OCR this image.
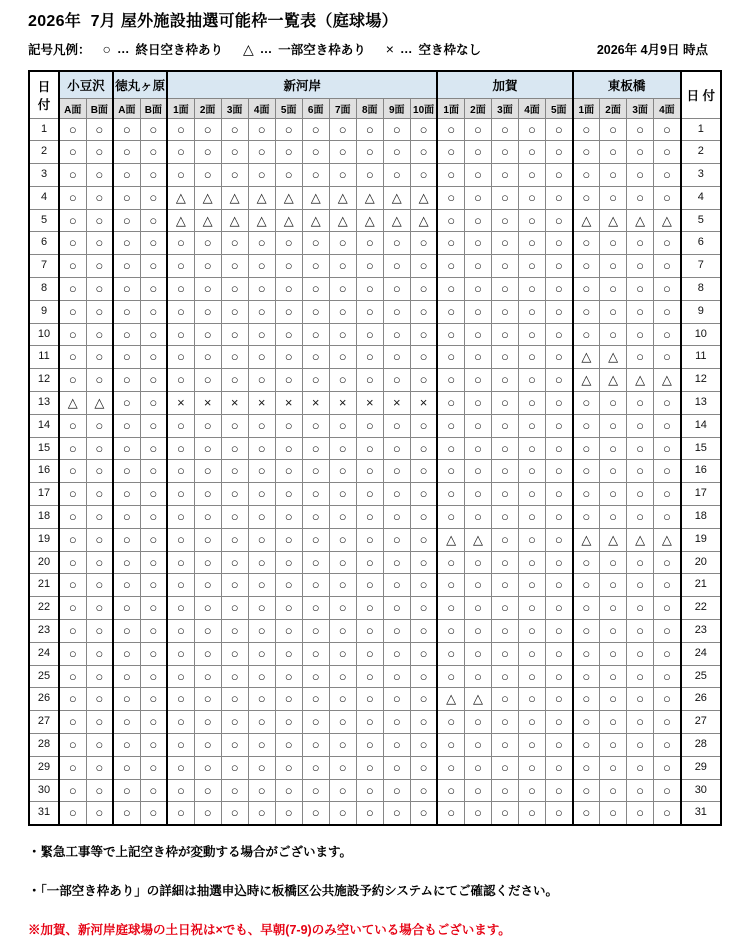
2026年  7月 屋外施設抽選可能枠一覧表（庭球場）
記号凡例： ○ … 終日空き枠あり △ … 一部空き枠あり × … 空き枠なし	2026年 4月9日 時点
日 付	小豆沢		徳丸ヶ原		新河岸										加賀					東板橋				日 付
	A面	B面	A面	B面	1面	2面	3面	4面	5面	6面	7面	8面	9面	10面	1面	2面	3面	4面	5面	1面	2面	3面	4面	
1	○	○	○	○	○	○	○	○	○	○	○	○	○	○	○	○	○	○	○	○	○	○	○	1
2	○	○	○	○	○	○	○	○	○	○	○	○	○	○	○	○	○	○	○	○	○	○	○	2
3	○	○	○	○	○	○	○	○	○	○	○	○	○	○	○	○	○	○	○	○	○	○	○	3
4	○	○	○	○	△	△	△	△	△	△	△	△	△	△	○	○	○	○	○	○	○	○	○	4
5	○	○	○	○	△	△	△	△	△	△	△	△	△	△	○	○	○	○	○	△	△	△	△	5
6	○	○	○	○	○	○	○	○	○	○	○	○	○	○	○	○	○	○	○	○	○	○	○	6
7	○	○	○	○	○	○	○	○	○	○	○	○	○	○	○	○	○	○	○	○	○	○	○	7
8	○	○	○	○	○	○	○	○	○	○	○	○	○	○	○	○	○	○	○	○	○	○	○	8
9	○	○	○	○	○	○	○	○	○	○	○	○	○	○	○	○	○	○	○	○	○	○	○	9
10	○	○	○	○	○	○	○	○	○	○	○	○	○	○	○	○	○	○	○	○	○	○	○	10
11	○	○	○	○	○	○	○	○	○	○	○	○	○	○	○	○	○	○	○	△	△	○	○	11
12	○	○	○	○	○	○	○	○	○	○	○	○	○	○	○	○	○	○	○	△	△	△	△	12
13	△	△	○	○	×	×	×	×	×	×	×	×	×	×	○	○	○	○	○	○	○	○	○	13
14	○	○	○	○	○	○	○	○	○	○	○	○	○	○	○	○	○	○	○	○	○	○	○	14
15	○	○	○	○	○	○	○	○	○	○	○	○	○	○	○	○	○	○	○	○	○	○	○	15
16	○	○	○	○	○	○	○	○	○	○	○	○	○	○	○	○	○	○	○	○	○	○	○	16
17	○	○	○	○	○	○	○	○	○	○	○	○	○	○	○	○	○	○	○	○	○	○	○	17
18	○	○	○	○	○	○	○	○	○	○	○	○	○	○	○	○	○	○	○	○	○	○	○	18
19	○	○	○	○	○	○	○	○	○	○	○	○	○	○	△	△	○	○	○	△	△	△	△	19
20	○	○	○	○	○	○	○	○	○	○	○	○	○	○	○	○	○	○	○	○	○	○	○	20
21	○	○	○	○	○	○	○	○	○	○	○	○	○	○	○	○	○	○	○	○	○	○	○	21
22	○	○	○	○	○	○	○	○	○	○	○	○	○	○	○	○	○	○	○	○	○	○	○	22
23	○	○	○	○	○	○	○	○	○	○	○	○	○	○	○	○	○	○	○	○	○	○	○	23
24	○	○	○	○	○	○	○	○	○	○	○	○	○	○	○	○	○	○	○	○	○	○	○	24
25	○	○	○	○	○	○	○	○	○	○	○	○	○	○	○	○	○	○	○	○	○	○	○	25
26	○	○	○	○	○	○	○	○	○	○	○	○	○	○	△	△	○	○	○	○	○	○	○	26
27	○	○	○	○	○	○	○	○	○	○	○	○	○	○	○	○	○	○	○	○	○	○	○	27
28	○	○	○	○	○	○	○	○	○	○	○	○	○	○	○	○	○	○	○	○	○	○	○	28
29	○	○	○	○	○	○	○	○	○	○	○	○	○	○	○	○	○	○	○	○	○	○	○	29
30	○	○	○	○	○	○	○	○	○	○	○	○	○	○	○	○	○	○	○	○	○	○	○	30
31	○	○	○	○	○	○	○	○	○	○	○	○	○	○	○	○	○	○	○	○	○	○	○	31
・緊急工事等で上記空き枠が変動する場合がございます。
・「一部空き枠あり」の詳細は抽選申込時に板橋区公共施設予約システムにてご確認ください。
※加賀、新河岸庭球場の土日祝は×でも、早朝(7-9)のみ空いている場合もございます。
